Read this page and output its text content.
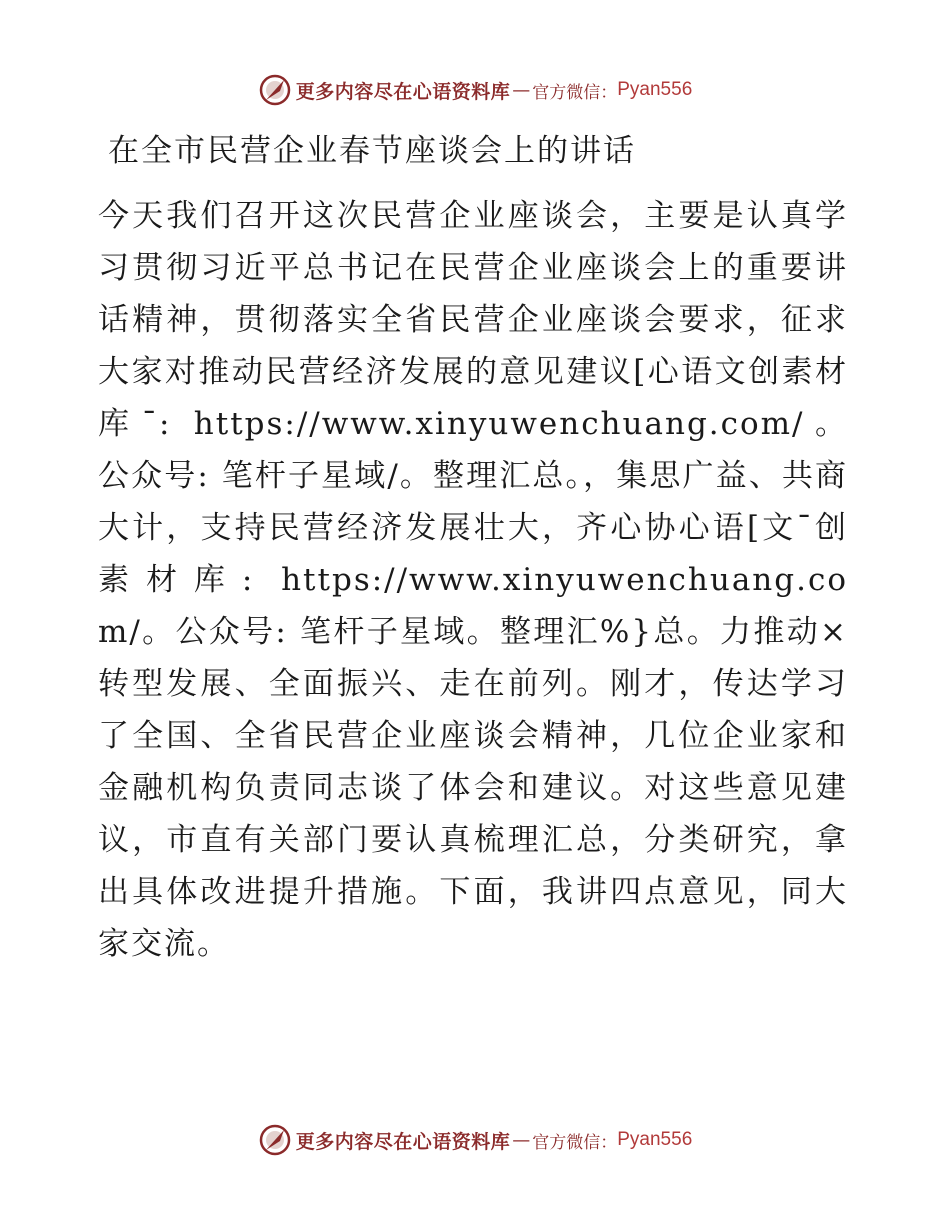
更多内容尽在心语资料库 — 官方微信： Pyan556
在全市民营企业春节座谈会上的讲话
今天我们召开这次民营企业座谈会，主要是认真学习贯彻习近平总书记在民营企业座谈会上的重要讲话精神，贯彻落实全省民营企业座谈会要求，征求大家对推动民营经济发展的意见建议[心语文创素材库¯: https://www.xinyuwenchuang.com/。公众号: 笔杆子星域/。整理汇总。，集思广益、共商大计，支持民营经济发展壮大，齐心协心语[文¯创素材库: https://www.xinyuwenchuang.com/。公众号: 笔杆子星域。整理汇%}总。力推动×转型发展、全面振兴、走在前列。刚才，传达学习了全国、全省民营企业座谈会精神，几位企业家和金融机构负责同志谈了体会和建议。对这些意见建议，市直有关部门要认真梳理汇总，分类研究，拿出具体改进提升措施。下面，我讲四点意见，同大家交流。
更多内容尽在心语资料库 — 官方微信： Pyan556
